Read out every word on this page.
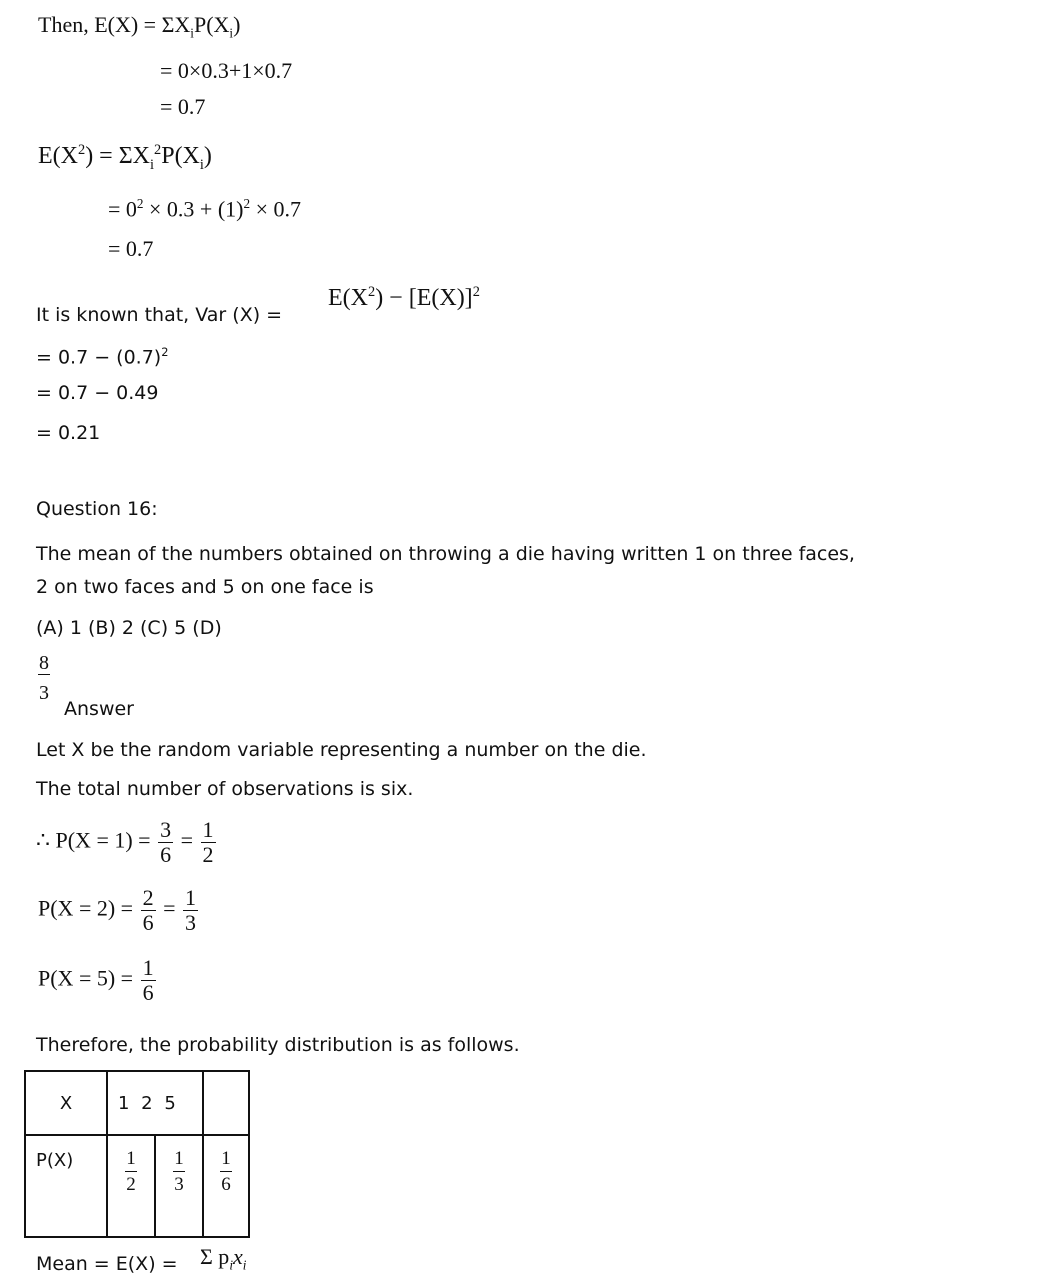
Then, $E(X) = \Sigma X_iP(X_i)$
= 0×0.3+1×0.7
= 0.7
$E(X^2) = \Sigma X_i^2P(X_i)$
= $0^2 \times 0.3 + (1)^2 \times 0.7$
= 0.7
It is known that, Var (X) =
$E(X^2) - [E(X)]^2$
= $0.7 - (0.7)^2$
= 0.7 − 0.49
= 0.21
Question 16:
The mean of the numbers obtained on throwing a die having written 1 on three faces,
2 on two faces and 5 on one face is
(A) 1 (B) 2 (C) 5 (D)
$\frac{8}{3}$
Answer
Let X be the random variable representing a number on the die.
The total number of observations is six.
∴ $P(X = 1) = \frac{3}{6} = \frac{1}{2}$
$P(X = 2) = \frac{2}{6} = \frac{1}{3}$
$P(X = 5) = \frac{1}{6}$
Therefore, the probability distribution is as follows.
X	1 2 5		
P(X)	$\frac{1}{2}$	$\frac{1}{3}$	$\frac{1}{6}$
Mean = E(X) = Σ $p_ix_i$
